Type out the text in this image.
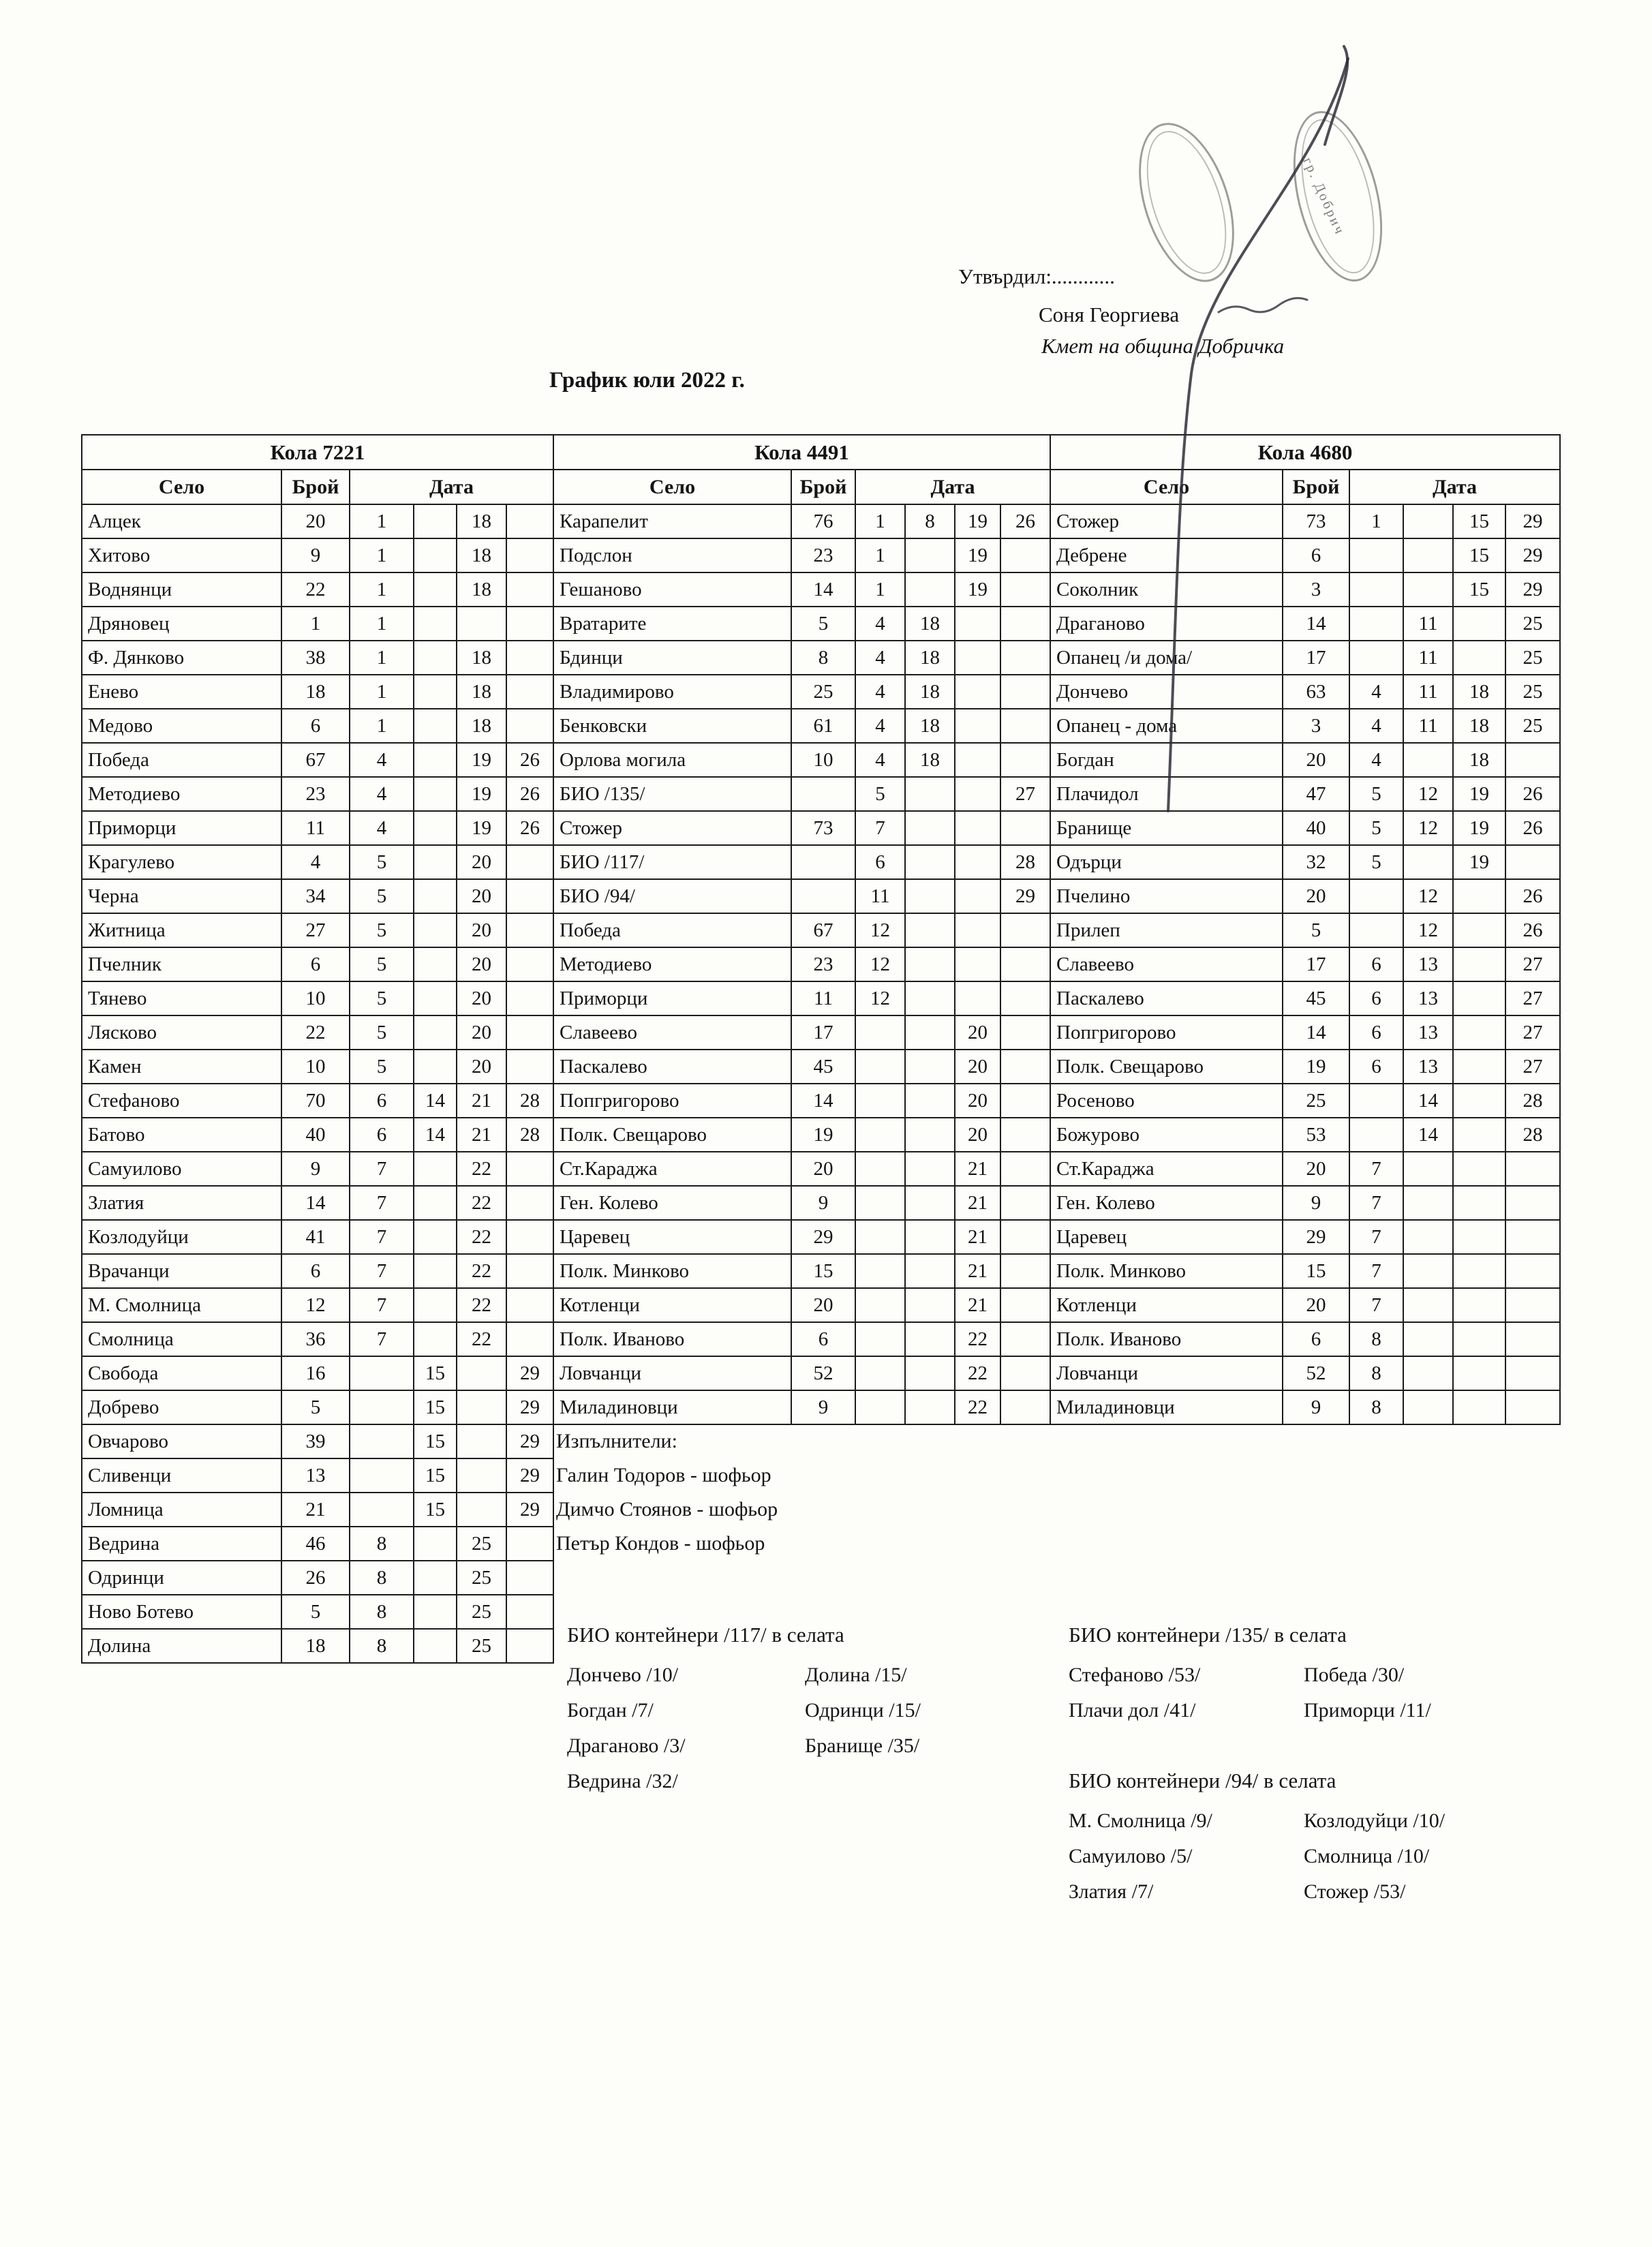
гр. Добрич
Утвърдил:............
Соня Георгиева
Кмет на община Добричка
График юли 2022 г.
Кола 7221					
Село	Брой	Дата			
Алцек	20	1		18	
Хитово	9	1		18	
Воднянци	22	1		18	
Дряновец	1	1			
Ф. Дянково	38	1		18	
Енево	18	1		18	
Медово	6	1		18	
Победа	67	4		19	26
Методиево	23	4		19	26
Приморци	11	4		19	26
Крагулево	4	5		20	
Черна	34	5		20	
Житница	27	5		20	
Пчелник	6	5		20	
Тянево	10	5		20	
Лясково	22	5		20	
Камен	10	5		20	
Стефаново	70	6	14	21	28
Батово	40	6	14	21	28
Самуилово	9	7		22	
Златия	14	7		22	
Козлодуйци	41	7		22	
Врачанци	6	7		22	
М. Смолница	12	7		22	
Смолница	36	7		22	
Свобода	16		15		29
Добрево	5		15		29
Овчарово	39		15		29
Сливенци	13		15		29
Ломница	21		15		29
Ведрина	46	8		25	
Одринци	26	8		25	
Ново Ботево	5	8		25	
Долина	18	8		25	
Кола 4491					
Село	Брой	Дата			
Карапелит	76	1	8	19	26
Подслон	23	1		19	
Гешаново	14	1		19	
Вратарите	5	4	18		
Бдинци	8	4	18		
Владимирово	25	4	18		
Бенковски	61	4	18		
Орлова могила	10	4	18		
БИО /135/		5			27
Стожер	73	7			
БИО /117/		6			28
БИО /94/		11			29
Победа	67	12			
Методиево	23	12			
Приморци	11	12			
Славеево	17			20	
Паскалево	45			20	
Попгригорово	14			20	
Полк. Свещарово	19			20	
Ст.Караджа	20			21	
Ген. Колево	9			21	
Царевец	29			21	
Полк. Минково	15			21	
Котленци	20			21	
Полк. Иваново	6			22	
Ловчанци	52			22	
Миладиновци	9			22	
Кола 4680					
Село	Брой	Дата			
Стожер	73	1		15	29
Дебрене	6			15	29
Соколник	3			15	29
Драганово	14		11		25
Опанец /и дома/	17		11		25
Дончево	63	4	11	18	25
Опанец - дома	3	4	11	18	25
Богдан	20	4		18	
Плачидол	47	5	12	19	26
Бранище	40	5	12	19	26
Одърци	32	5		19	
Пчелино	20		12		26
Прилеп	5		12		26
Славеево	17	6	13		27
Паскалево	45	6	13		27
Попгригорово	14	6	13		27
Полк. Свещарово	19	6	13		27
Росеново	25		14		28
Божурово	53		14		28
Ст.Караджа	20	7			
Ген. Колево	9	7			
Царевец	29	7			
Полк. Минково	15	7			
Котленци	20	7			
Полк. Иваново	6	8			
Ловчанци	52	8			
Миладиновци	9	8			
Изпълнители:
Галин Тодоров - шофьор
Димчо Стоянов - шофьор
Петър Кондов - шофьор
БИО контейнери /117/ в селата
Дончево /10/	Долина /15/
Богдан /7/	Одринци /15/
Драганово /3/	Бранище /35/
Ведрина /32/
БИО контейнери /135/ в селата
Стефаново /53/	Победа /30/
Плачи дол /41/	Приморци /11/
БИО контейнери /94/ в селата
М. Смолница /9/	Козлодуйци /10/
Самуилово /5/	Смолница /10/
Златия /7/	Стожер /53/
